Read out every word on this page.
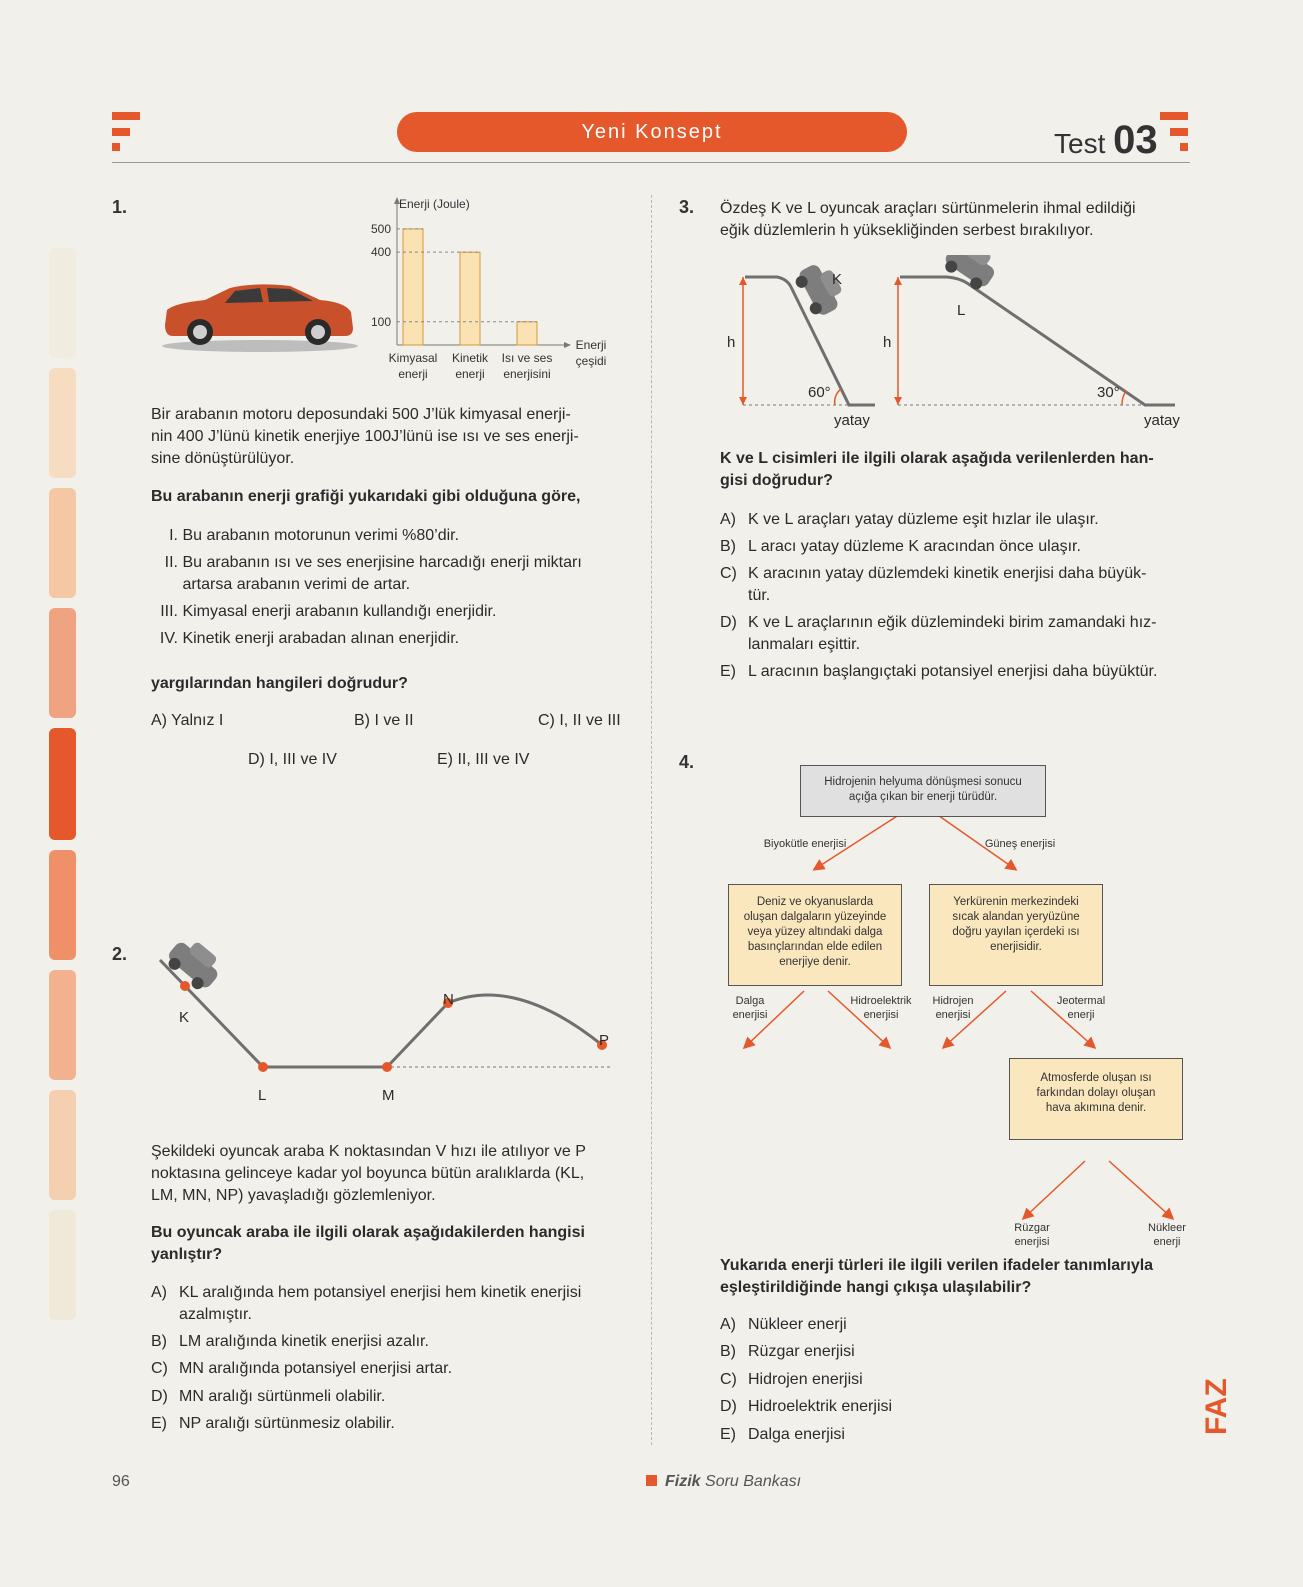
Yeni Konsept	Test 03
1.	Enerji (Joule)
Enerji
çeşidi
500
Kimyasal
enerji
400
Kinetik
enerji
100
Isı ve ses
enerjisini
Bir arabanın motoru deposundaki 500 J’lük kimyasal enerji-
nin 400 J’lünü kinetik enerjiye 100J’lünü ise ısı ve ses enerji-
sine dönüştürülüyor.
Bu arabanın enerji grafiği yukarıdaki gibi olduğuna göre,
I. Bu arabanın motorunun verimi %80’dir.
II. Bu arabanın ısı ve ses enerjisine harcadığı enerji miktarı
artarsa arabanın verimi de artar.
III. Kimyasal enerji arabanın kullandığı enerjidir.
IV. Kinetik enerji arabadan alınan enerjidir.
yargılarından hangileri doğrudur?
A) Yalnız I	B) I ve II	C) I, II ve III
D) I, III ve IV	E) II, III ve IV
2.
K
L	M
N
P
Şekildeki oyuncak araba K noktasından V hızı ile atılıyor ve P
noktasına gelinceye kadar yol boyunca bütün aralıklarda (KL,
LM, MN, NP) yavaşladığı gözlemleniyor.
Bu oyuncak araba ile ilgili olarak aşağıdakilerden hangisi
yanlıştır?
A) KL aralığında hem potansiyel enerjisi hem kinetik enerjisi
azalmıştır.
B) LM aralığında kinetik enerjisi azalır.
C) MN aralığında potansiyel enerjisi artar.
D) MN aralığı sürtünmeli olabilir.
E) NP aralığı sürtünmesiz olabilir.
3. Özdeş K ve L oyuncak araçları sürtünmelerin ihmal edildiği
eğik düzlemlerin h yüksekliğinden serbest bırakılıyor.
K
L
h	h
60°	30°
yatay	yatay
K ve L cisimleri ile ilgili olarak aşağıda verilenlerden han-
gisi doğrudur?
A) K ve L araçları yatay düzleme eşit hızlar ile ulaşır.
B) L aracı yatay düzleme K aracından önce ulaşır.
C) K aracının yatay düzlemdeki kinetik enerjisi daha büyük-
tür.
D) K ve L araçlarının eğik düzlemindeki birim zamandaki hız-
lanmaları eşittir.
E) L aracının başlangıçtaki potansiyel enerjisi daha büyüktür.
4.
Hidrojenin helyuma dönüşmesi sonucu
açığa çıkan bir enerji türüdür.
Biyokütle enerjisi	Güneş enerjisi
Deniz ve okyanuslarda
oluşan dalgaların yüzeyinde
veya yüzey altındaki dalga
basınçlarından elde edilen
enerjiye denir.
Yerkürenin merkezindeki
sıcak alandan yeryüzüne
doğru yayılan içerdeki ısı
enerjisidir.
Dalga
enerjisi
Hidroelektrik
enerjisi
Hidrojen
enerjisi
Jeotermal
enerji
Atmosferde oluşan ısı
farkından dolayı oluşan
hava akımına denir.
Rüzgar
enerjisi
Nükleer
enerji
Yukarıda enerji türleri ile ilgili verilen ifadeler tanımlarıyla
eşleştirildiğinde hangi çıkışa ulaşılabilir?
A) Nükleer enerji
B) Rüzgar enerjisi
C) Hidrojen enerjisi
D) Hidroelektrik enerjisi
E) Dalga enerjisi	FAZ
96	Fizik Soru Bankası
